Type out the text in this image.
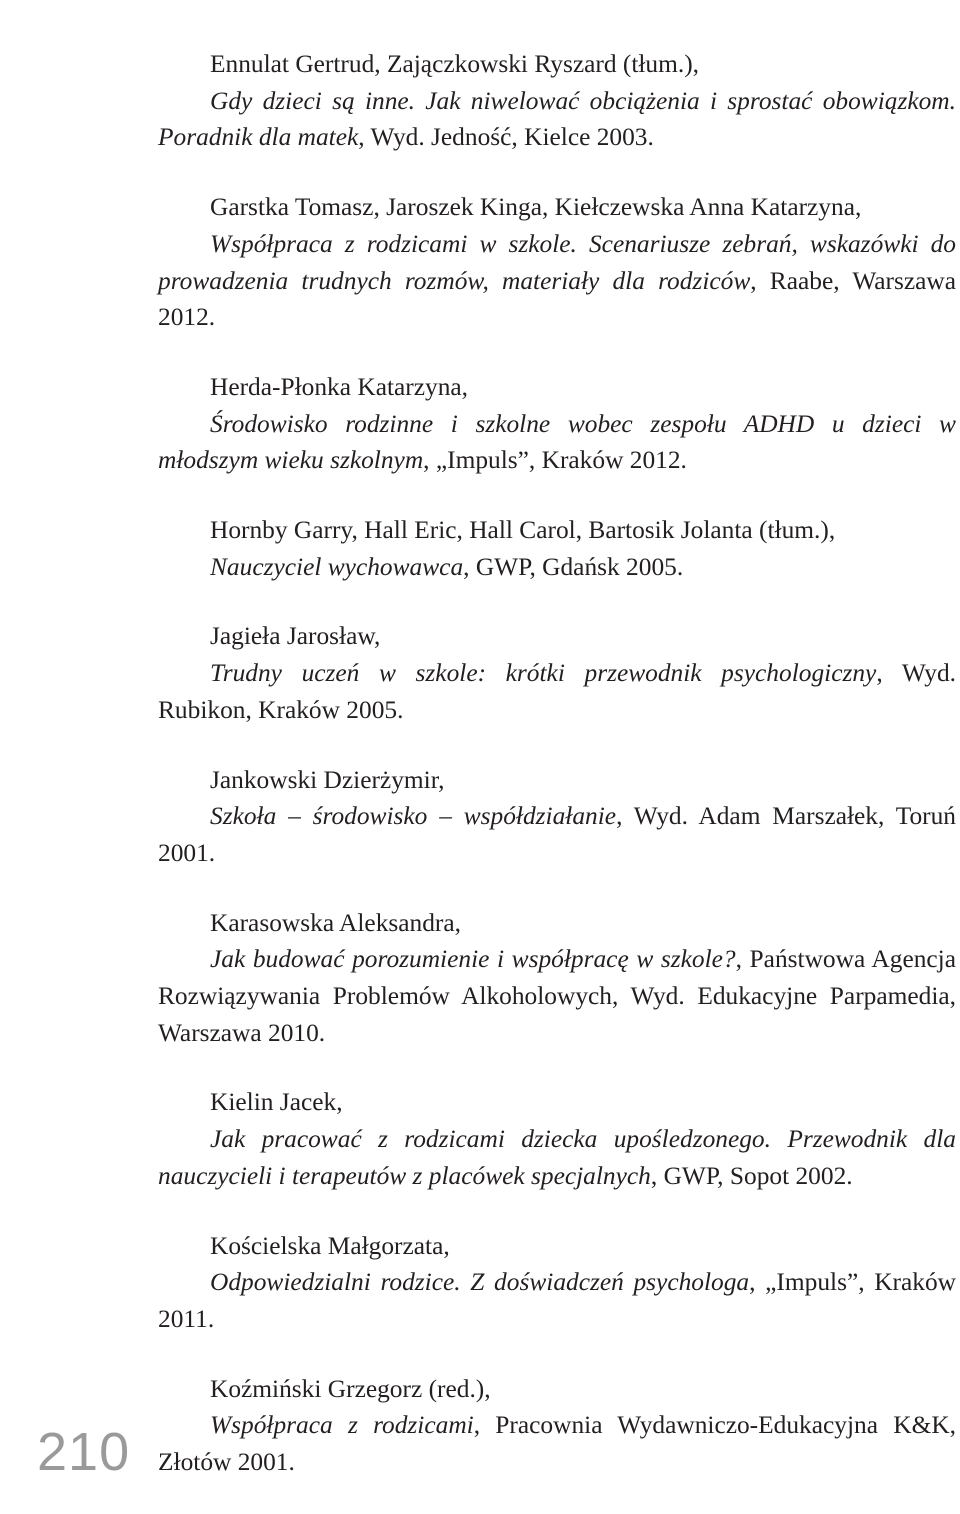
Ennulat Gertrud, Zajączkowski Ryszard (tłum.),
Gdy dzieci są inne. Jak niwelować obciążenia i sprostać obowiązkom. Poradnik dla matek, Wyd. Jedność, Kielce 2003.

Garstka Tomasz, Jaroszek Kinga, Kiełczewska Anna Katarzyna,
Współpraca z rodzicami w szkole. Scenariusze zebrań, wskazówki do prowadzenia trudnych rozmów, materiały dla rodziców, Raabe, Warszawa 2012.

Herda-Płonka Katarzyna,
Środowisko rodzinne i szkolne wobec zespołu ADHD u dzieci w młodszym wieku szkolnym, „Impuls”, Kraków 2012.

Hornby Garry, Hall Eric, Hall Carol, Bartosik Jolanta (tłum.),
Nauczyciel wychowawca, GWP, Gdańsk 2005.

Jagieła Jarosław,
Trudny uczeń w szkole: krótki przewodnik psychologiczny, Wyd. Rubikon, Kraków 2005.

Jankowski Dzierżymir,
Szkoła – środowisko – współdziałanie, Wyd. Adam Marszałek, Toruń 2001.

Karasowska Aleksandra,
Jak budować porozumienie i współpracę w szkole?, Państwowa Agencja Rozwiązywania Problemów Alkoholowych, Wyd. Edukacyjne Parpamedia, Warszawa 2010.

Kielin Jacek,
Jak pracować z rodzicami dziecka upośledzonego. Przewodnik dla nauczycieli i terapeutów z placówek specjalnych, GWP, Sopot 2002.

Kościelska Małgorzata,
Odpowiedzialni rodzice. Z doświadczeń psychologa, „Impuls”, Kraków 2011.

Koźmiński Grzegorz (red.),
Współpraca z rodzicami, Pracownia Wydawniczo-Edukacyjna K&K, Złotów 2001.

210
